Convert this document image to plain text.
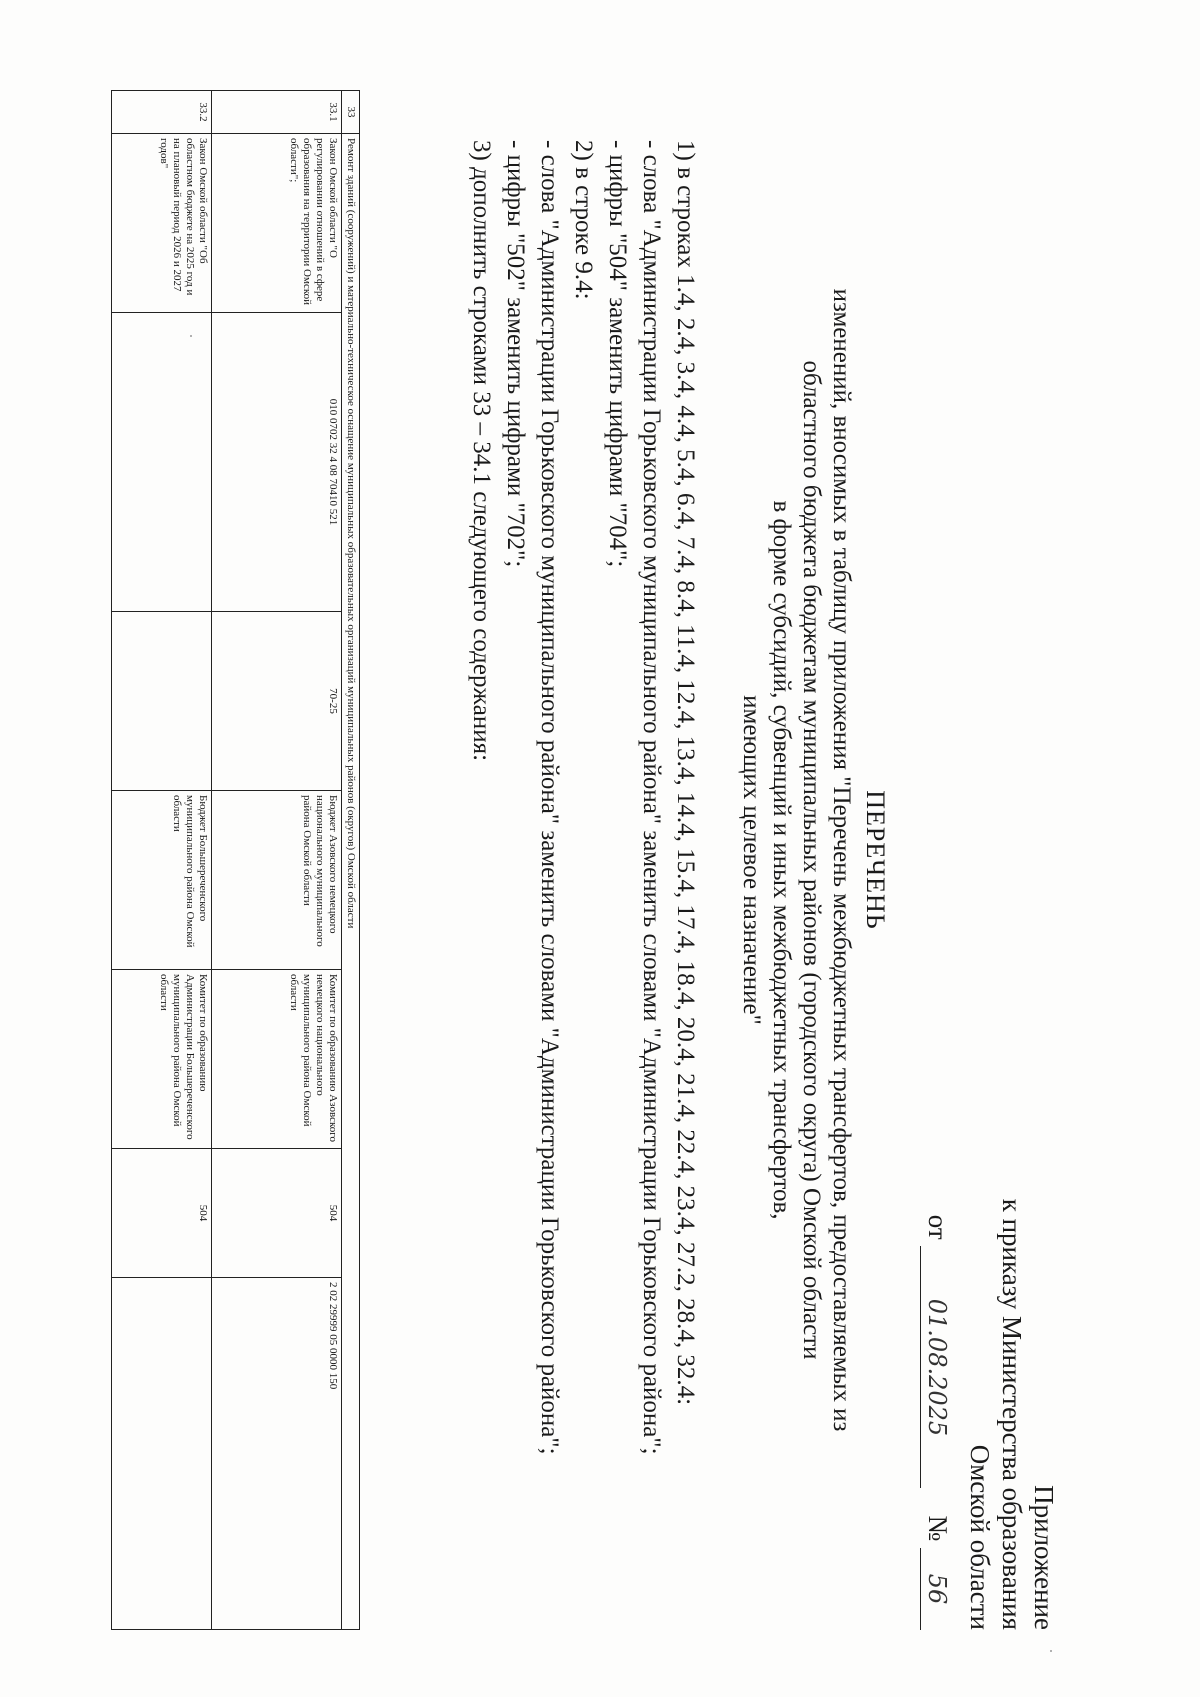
Приложение
к приказу Министерства образования
Омской области
от 01.08.2025    № 56
ПЕРЕЧЕНЬ
изменений, вносимых в таблицу приложения "Перечень межбюджетных трансфертов, предоставляемых из
областного бюджета бюджетам муниципальных районов (городского округа) Омской области
в форме субсидий, субвенций и иных межбюджетных трансфертов,
имеющих целевое назначение"

1) в строках 1.4, 2.4, 3.4, 4.4, 5.4, 6.4, 7.4, 8.4, 11.4, 12.4, 13.4, 14.4, 15.4, 17.4, 18.4, 20.4, 21.4, 22.4, 23.4, 27.2, 28.4, 32.4:

- слова "Администрации Горьковского муниципального района" заменить словами "Администрации Горьковского района";

- цифры "504" заменить цифрами "704";

2) в строке 9.4:

- слова "Администрации Горьковского муниципального района" заменить словами "Администрации Горьковского района";

- цифры "502" заменить цифрами "702";

3) дополнить строками 33 – 34.1 следующего содержания:

33	Ремонт зданий (сооружений) и материально-техническое оснащение муниципальных образовательных организаций муниципальных районов (округов) Омской области						
33.1	Закон Омской области "О регулировании отношений в сфере образования на территории Омской области";	010 0702 32 4 08 70410 521	70-25	Бюджет Азовского немецкого национального муниципального района Омской области	Комитет по образованию Азовского немецкого национального муниципального района Омской области	504	2 02 29999 05 0000 150
33.2	Закон Омской области "Об областном бюджете на 2025 год и на плановый период 2026 и 2027 годов"			Бюджет Большереченского муниципального района Омской области	Комитет по образованию Администрации Большереченского муниципального района Омской области	504	
